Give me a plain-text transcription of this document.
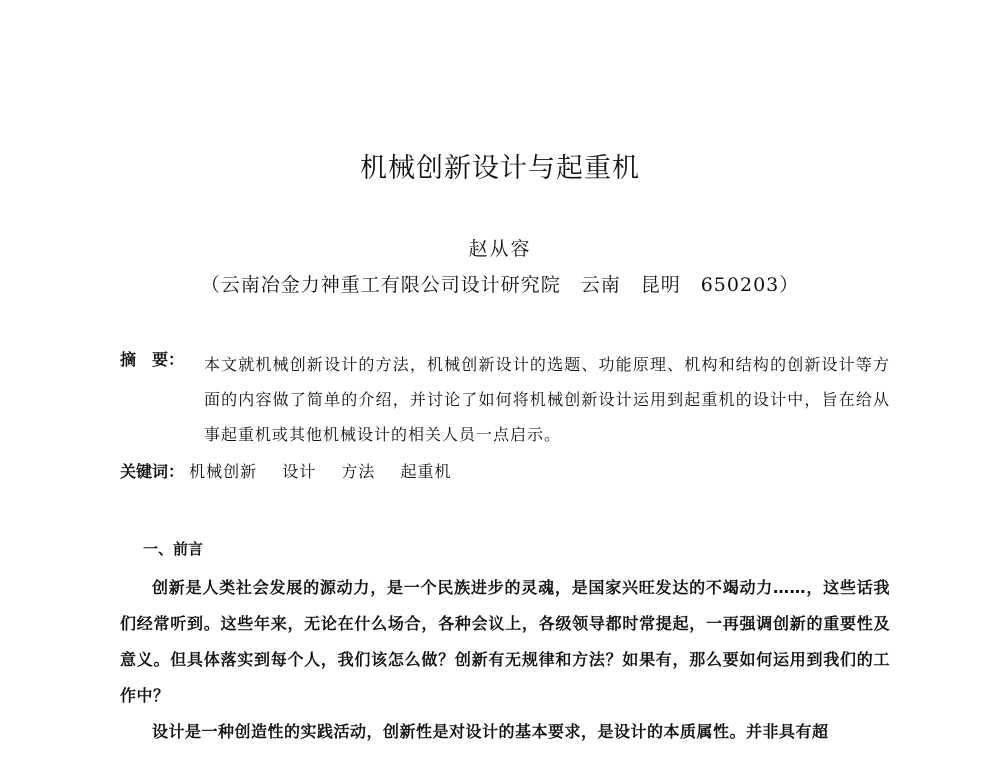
机械创新设计与起重机
赵从容
（云南冶金力神重工有限公司设计研究院　云南　昆明　650203）
摘　要： 本文就机械创新设计的方法，机械创新设计的选题、功能原理、机构和结构的创新设计等方面的内容做了简单的介绍，并讨论了如何将机械创新设计运用到起重机的设计中，旨在给从事起重机或其他机械设计的相关人员一点启示。
关键词： 机械创新 设计 方法 起重机
一、前言

创新是人类社会发展的源动力，是一个民族进步的灵魂，是国家兴旺发达的不竭动力……，这些话我们经常听到。这些年来，无论在什么场合，各种会议上，各级领导都时常提起，一再强调创新的重要性及意义。但具体落实到每个人，我们该怎么做？创新有无规律和方法？如果有，那么要如何运用到我们的工作中？

设计是一种创造性的实践活动，创新性是对设计的基本要求，是设计的本质属性。并非具有超
